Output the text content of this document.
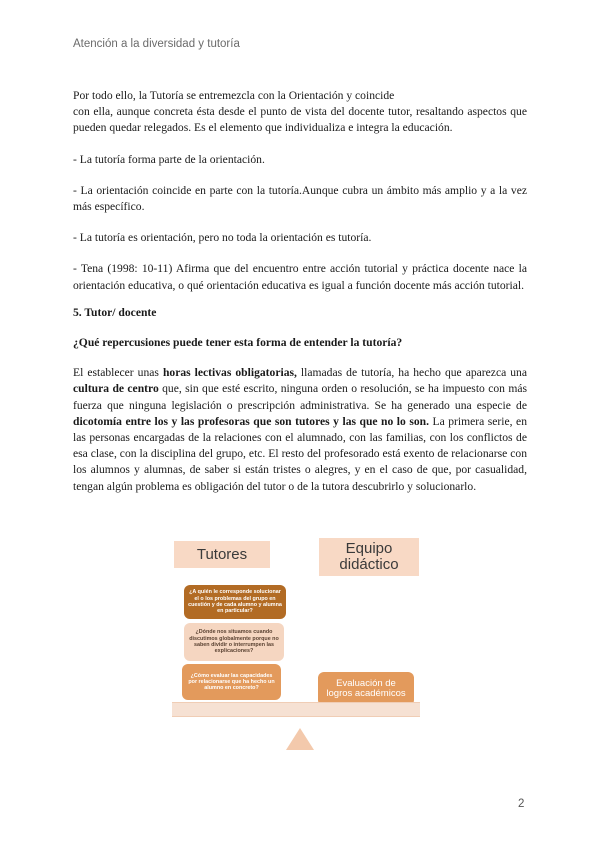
Atención a la diversidad y tutoría

Por todo ello, la Tutoría se entremezcla con la Orientación y coincide

con ella, aunque concreta ésta desde el punto de vista del docente tutor, resaltando aspectos que pueden quedar relegados. Es el elemento que individualiza e integra la educación.

- La tutoría forma parte de la orientación.

- La orientación coincide en parte con la tutoría.Aunque cubra un ámbito más amplio y a la vez más específico.

- La tutoría es orientación, pero no toda la orientación es tutoría.

- Tena (1998: 10-11) Afirma que del encuentro entre acción tutorial y práctica docente nace la orientación educativa, o qué orientación educativa es igual a función docente más acción tutorial.

5. Tutor/ docente

¿Qué repercusiones puede tener esta forma de entender la tutoría?

El establecer unas horas lectivas obligatorias, llamadas de tutoría, ha hecho que aparezca una cultura de centro que, sin que esté escrito, ninguna orden o resolución, se ha impuesto con más fuerza que ninguna legislación o prescripción administrativa. Se ha generado una especie de dicotomía entre los y las profesoras que son tutores y las que no lo son. La primera serie, en las personas encargadas de la relaciones con el alumnado, con las familias, con los conflictos de esa clase, con la disciplina del grupo, etc. El resto del profesorado está exento de relacionarse con los alumnos y alumnas, de saber si están tristes o alegres, y en el caso de que, por casualidad, tengan algún problema es obligación del tutor o de la tutora descubrirlo y solucionarlo.

Tutores	Equipo didáctico
¿A quién le corresponde solucionar el o los problemas del grupo en cuestión y de cada alumno y alumna en particular?
¿Dónde nos situamos cuando discutimos globalmente porque no saben dividir o interrumpen las explicaciones?
¿Cómo evaluar las capacidades por relacionarse que ha hecho un alumno en concreto?	Evaluación de logros académicos
2
